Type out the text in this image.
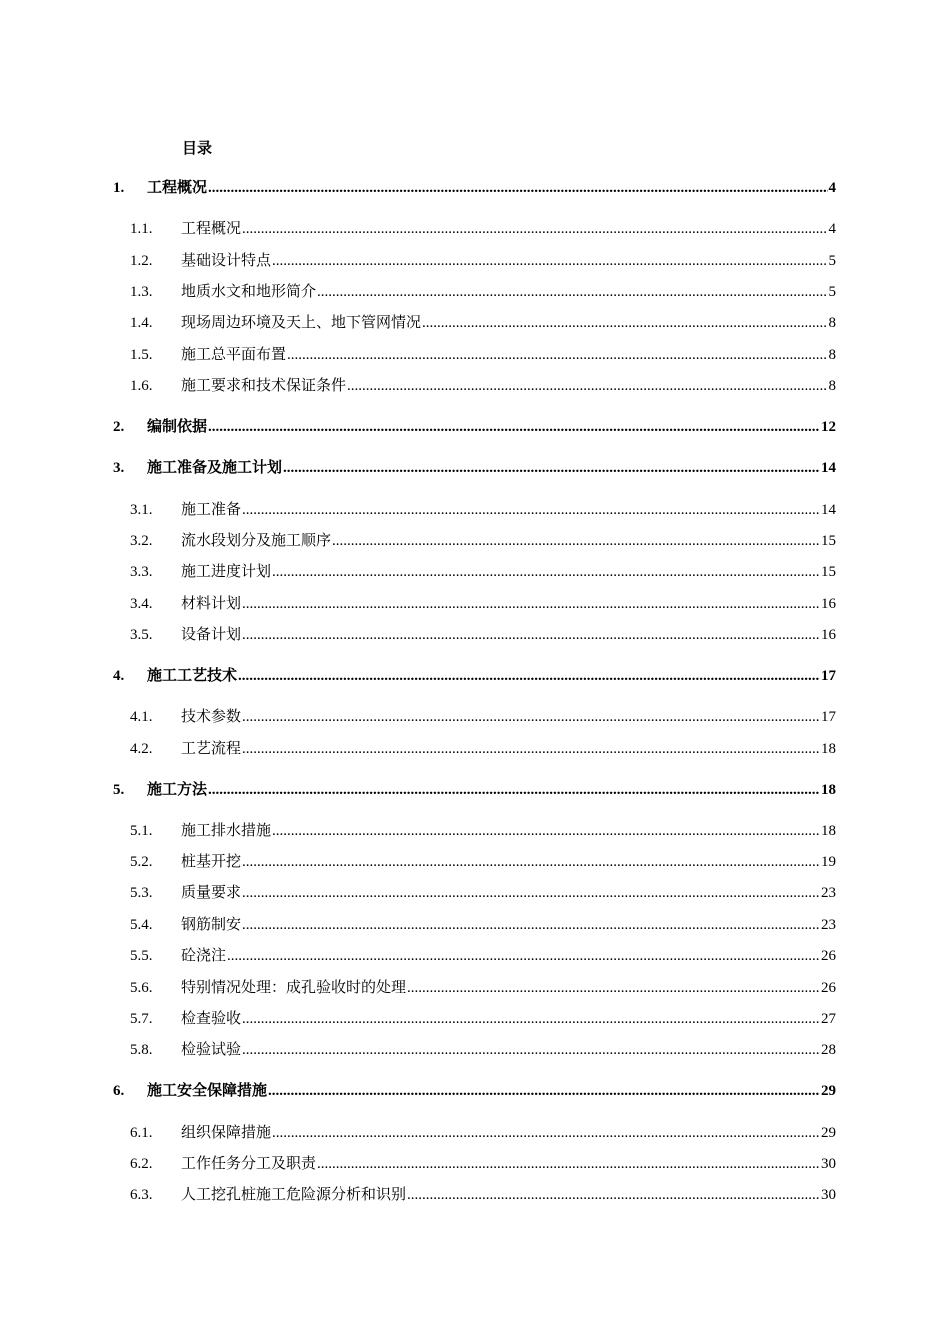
目录
1.	工程概况 .....	4
1.1.	工程概况 .....	4
1.2.	基础设计特点 .....	5
1.3.	地质水文和地形简介 .....	5
1.4.	现场周边环境及天上、地下管网情况 .....	8
1.5.	施工总平面布置 .....	8
1.6.	施工要求和技术保证条件 .....	8
2.	编制依据 .....	12
3.	施工准备及施工计划 .....	14
3.1.	施工准备 .....	14
3.2.	流水段划分及施工顺序 .....	15
3.3.	施工进度计划 .....	15
3.4.	材料计划 .....	16
3.5.	设备计划 .....	16
4.	施工工艺技术 .....	17
4.1.	技术参数 .....	17
4.2.	工艺流程 .....	18
5.	施工方法 .....	18
5.1.	施工排水措施 .....	18
5.2.	桩基开挖 .....	19
5.3.	质量要求 .....	23
5.4.	钢筋制安 .....	23
5.5.	砼浇注 .....	26
5.6.	特别情况处理：成孔验收时的处理 .....	26
5.7.	检查验收 .....	27
5.8.	检验试验 .....	28
6.	施工安全保障措施 .....	29
6.1.	组织保障措施 .....	29
6.2.	工作任务分工及职责 .....	30
6.3.	人工挖孔桩施工危险源分析和识别 .....	30
